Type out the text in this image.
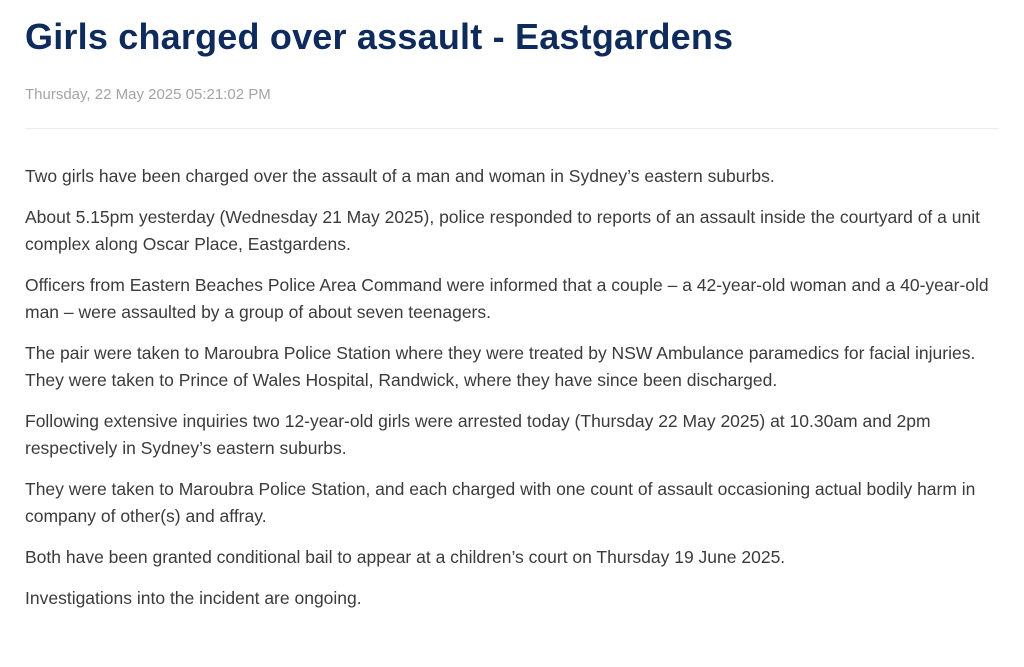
Girls charged over assault - Eastgardens
Thursday, 22 May 2025 05:21:02 PM

Two girls have been charged over the assault of a man and woman in Sydney’s eastern suburbs.

About 5.15pm yesterday (Wednesday 21 May 2025), police responded to reports of an assault inside the courtyard of a unit complex along Oscar Place, Eastgardens.

Officers from Eastern Beaches Police Area Command were informed that a couple – a 42-year-old woman and a 40-year-old man – were assaulted by a group of about seven teenagers.

The pair were taken to Maroubra Police Station where they were treated by NSW Ambulance paramedics for facial injuries. They were taken to Prince of Wales Hospital, Randwick, where they have since been discharged.

Following extensive inquiries two 12-year-old girls were arrested today (Thursday 22 May 2025) at 10.30am and 2pm respectively in Sydney’s eastern suburbs.

They were taken to Maroubra Police Station, and each charged with one count of assault occasioning actual bodily harm in company of other(s) and affray.

Both have been granted conditional bail to appear at a children’s court on Thursday 19 June 2025.

Investigations into the incident are ongoing.
